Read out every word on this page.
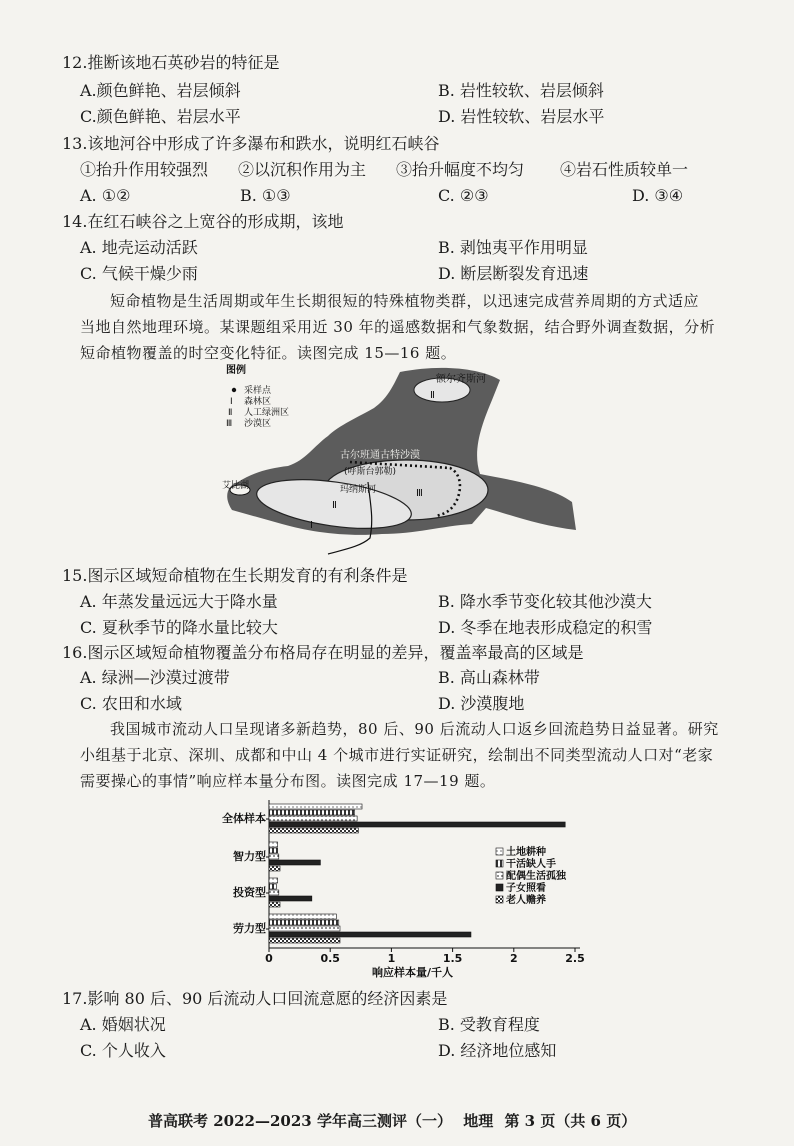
12.推断该地石英砂岩的特征是
A.颜色鲜艳、岩层倾斜	B. 岩性较软、岩层倾斜
C.颜色鲜艳、岩层水平	D. 岩性较软、岩层水平
13.该地河谷中形成了许多瀑布和跌水，说明红石峡谷
①抬升作用较强烈 ②以沉积作用为主 ③抬升幅度不均匀 ④岩石性质较单一
A. ①②	B. ①③	C. ②③	D. ③④
14.在红石峡谷之上宽谷的形成期，该地
A. 地壳运动活跃	B. 剥蚀夷平作用明显
C. 气候干燥少雨	D. 断层断裂发育迅速
短命植物是生活周期或年生长期很短的特殊植物类群，以迅速完成营养周期的方式适应
当地自然地理环境。某课题组采用近 30 年的遥感数据和气象数据，结合野外调查数据，分析
短命植物覆盖的时空变化特征。读图完成 15—16 题。
图例
采样点
Ⅰ 森林区
Ⅱ 人工绿洲区
Ⅲ 沙漠区
额尔齐斯河
Ⅱ
古尔班通古特沙漠
(呼斯台郭勒)
玛纳斯河	Ⅲ
Ⅱ
Ⅰ
艾比湖
15.图示区域短命植物在生长期发育的有利条件是
A. 年蒸发量远远大于降水量	B. 降水季节变化较其他沙漠大
C. 夏秋季节的降水量比较大	D. 冬季在地表形成稳定的积雪
16.图示区域短命植物覆盖分布格局存在明显的差异，覆盖率最高的区域是
A. 绿洲—沙漠过渡带	B. 高山森林带
C. 农田和水域	D. 沙漠腹地
我国城市流动人口呈现诸多新趋势，80 后、90 后流动人口返乡回流趋势日益显著。研究
小组基于北京、深圳、成都和中山 4 个城市进行实证研究，绘制出不同类型流动人口对“老家
需要操心的事情”响应样本量分布图。读图完成 17—19 题。
全体样本
智力型
投资型
劳力型
0	0.5	1	1.5	2	2.5
土地耕种
干活缺人手
配偶生活孤独
子女照看
老人赡养
响应样本量/千人
17.影响 80 后、90 后流动人口回流意愿的经济因素是
A. 婚姻状况	B. 受教育程度
C. 个人收入	D. 经济地位感知
普高联考 2022—2023 学年高三测评（一） 地理 第 3 页（共 6 页）
